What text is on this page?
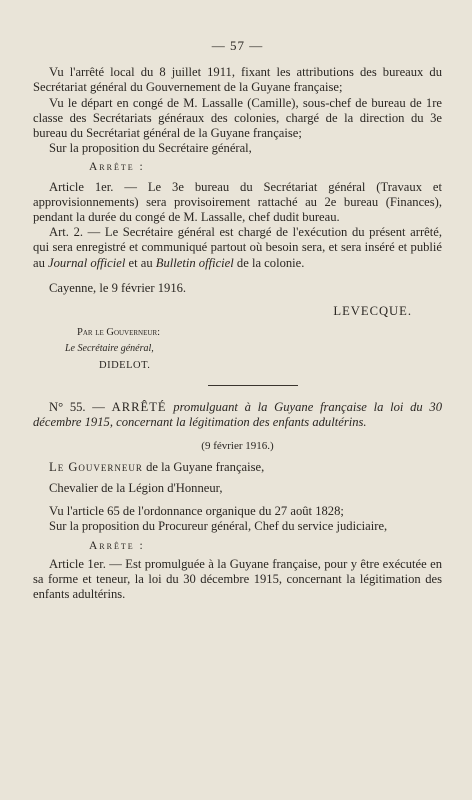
— 57 —

Vu l'arrêté local du 8 juillet 1911, fixant les attributions des bureaux du Secrétariat général du Gouvernement de la Guyane française;

Vu le départ en congé de M. Lassalle (Camille), sous-chef de bureau de 1re classe des Secrétariats généraux des colonies, chargé de la direction du 3e bureau du Secrétariat général de la Guyane française;

Sur la proposition du Secrétaire général,

Arrête :

Article 1er. — Le 3e bureau du Secrétariat général (Travaux et approvisionnements) sera provisoirement rattaché au 2e bureau (Finances), pendant la durée du congé de M. Lassalle, chef dudit bureau.

Art. 2. — Le Secrétaire général est chargé de l'exécution du présent arrêté, qui sera enregistré et communiqué partout où besoin sera, et sera inséré et publié au Journal officiel et au Bulletin officiel de la colonie.

Cayenne, le 9 février 1916.

LEVECQUE.
Par le Gouverneur:
Le Secrétaire général,
DIDELOT.

N° 55. — ARRÊTÉ promulguant à la Guyane française la loi du 30 décembre 1915, concernant la légitimation des enfants adultérins.

(9 février 1916.)

Le Gouverneur de la Guyane française,

Chevalier de la Légion d'Honneur,

Vu l'article 65 de l'ordonnance organique du 27 août 1828;

Sur la proposition du Procureur général, Chef du service judiciaire,

Arrête :

Article 1er. — Est promulguée à la Guyane française, pour y être exécutée en sa forme et teneur, la loi du 30 décembre 1915, concernant la légitimation des enfants adultérins.
